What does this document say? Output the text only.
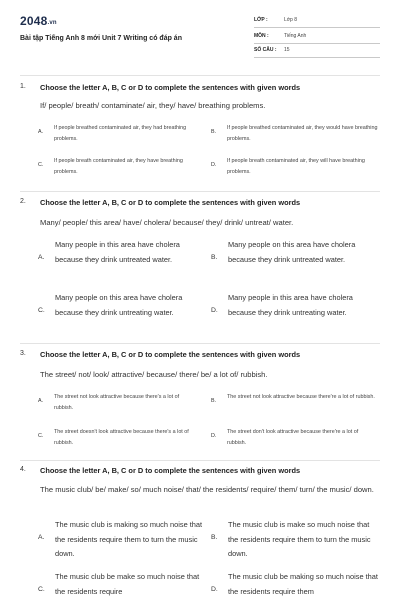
2048.vn
Bài tập Tiếng Anh 8 mới Unit 7 Writing có đáp án
LỚP :	Lớp 8
MÔN :	Tiếng Anh
SỐ CÂU : 15
1. Choose the letter A, B, C or D to complete the sentences with given words
If/ people/ breath/ contaminate/ air, they/ have/ breathing problems.
A.
If people breathed contaminated air, they had breathing problems.
B.
If people breathed contaminated air, they would have breathing problems.
C.
If people breath contaminated air, they have breathing problems.
D.
If people breath contaminated air, they will have breathing problems.
2. Choose the letter A, B, C or D to complete the sentences with given words
Many/ people/ this area/ have/ cholera/ because/ they/ drink/ untreat/ water.
A.
Many people in this area have cholera because they drink untreated water.	B.
Many people on this area have cholera because they drink untreated water.
C.
Many people on this area have cholera because they drink untreating water.	D.
Many people in this area have cholera because they drink untreating water.
3. Choose the letter A, B, C or D to complete the sentences with given words
The street/ not/ look/ attractive/ because/ there/ be/ a lot of/ rubbish.
A.
The street not look attractive because there's a lot of rubbish.
B.
The street not look attractive because there're a lot of rubbish.
C.
The street doesn't look attractive because there's a lot of rubbish.
D.
The street don't look attractive because there're a lot of rubbish.
4. Choose the letter A, B, C or D to complete the sentences with given words
The music club/ be/ make/ so/ much noise/ that/ the residents/ require/ them/ turn/ the music/ down.
A.
The music club is making so much noise that the residents require them to turn the music down.
B.
The music club is make so much noise that the residents require them to turn the music down.
C.
The music club be make so much noise that the residents require	D.
The music club be making so much noise that the residents require them
